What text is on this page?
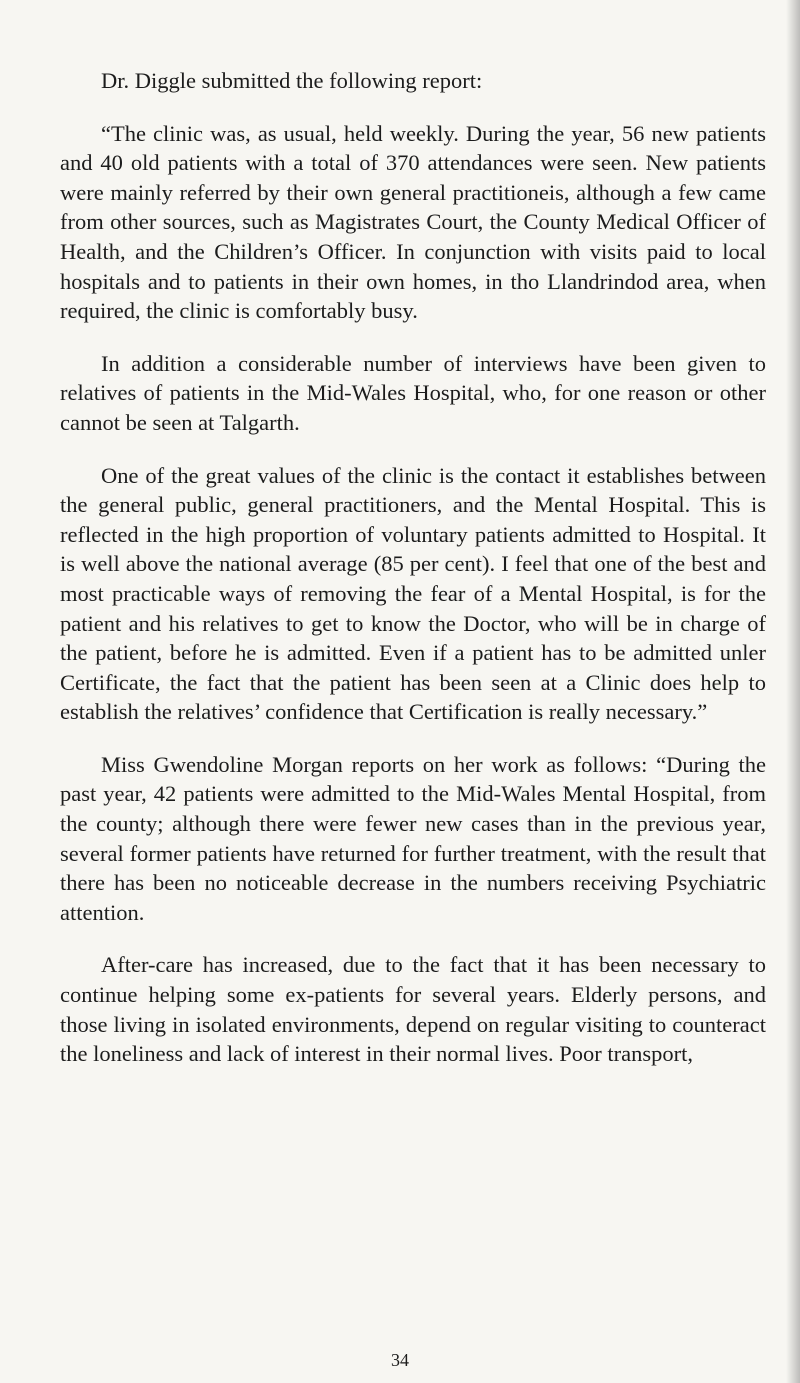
Dr. Diggle submitted the following report:

“The clinic was, as usual, held weekly. During the year, 56 new patients and 40 old patients with a total of 370 attendances were seen. New patients were mainly referred by their own general practitioneis, although a few came from other sources, such as Magistrates Court, the County Medical Officer of Health, and the Children’s Officer. In conjunction with visits paid to local hospitals and to patients in their own homes, in tho Llandrindod area, when required, the clinic is comfortably busy.

In addition a considerable number of interviews have been given to relatives of patients in the Mid-Wales Hospital, who, for one reason or other cannot be seen at Talgarth.

One of the great values of the clinic is the contact it establishes between the general public, general practitioners, and the Mental Hospital. This is reflected in the high proportion of voluntary patients admitted to Hospital. It is well above the national average (85 per cent). I feel that one of the best and most practicable ways of removing the fear of a Mental Hospital, is for the patient and his relatives to get to know the Doctor, who will be in charge of the patient, before he is admitted. Even if a patient has to be admitted unler Certificate, the fact that the patient has been seen at a Clinic does help to establish the relatives’ confidence that Certification is really necessary.”

Miss Gwendoline Morgan reports on her work as follows: “During the past year, 42 patients were admitted to the Mid-Wales Mental Hospital, from the county; although there were fewer new cases than in the previous year, several former patients have returned for further treatment, with the result that there has been no noticeable decrease in the numbers receiving Psychiatric attention.

After-care has increased, due to the fact that it has been necessary to continue helping some ex-patients for several years. Elderly persons, and those living in isolated environments, depend on regular visiting to counteract the loneliness and lack of interest in their normal lives. Poor transport,

34
